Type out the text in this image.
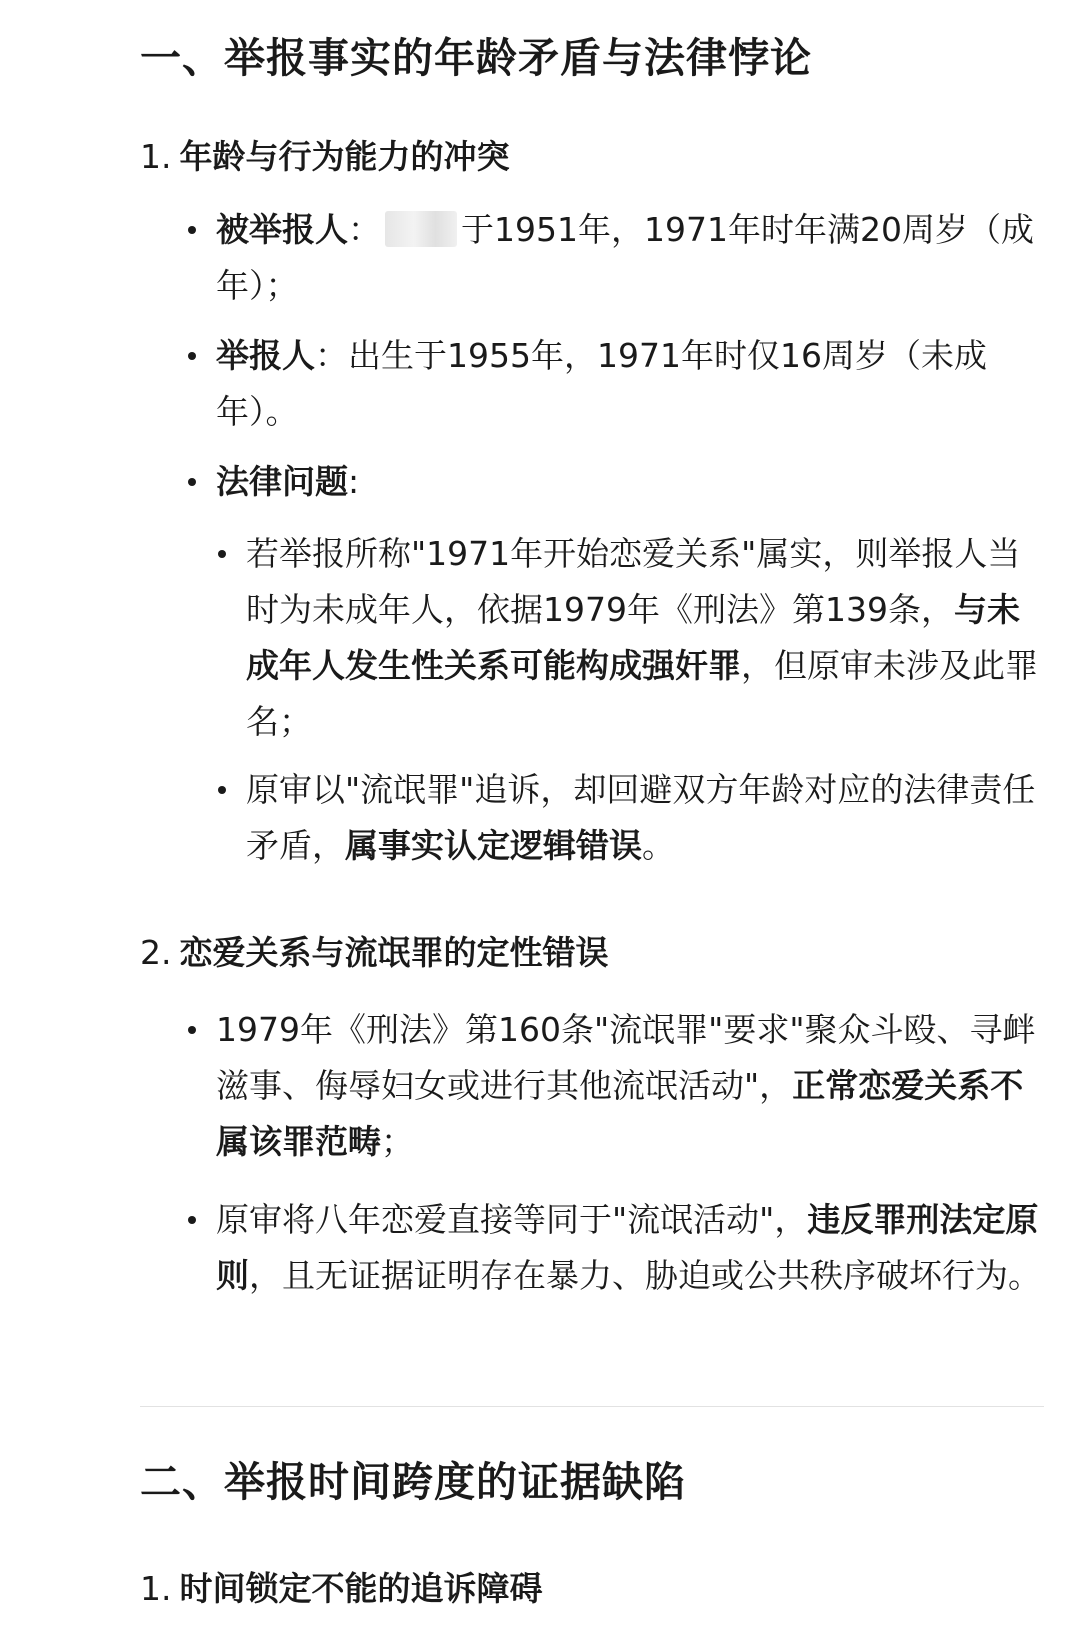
一、举报事实的年龄矛盾与法律悖论
1. 年龄与行为能力的冲突
被举报人： 于1951年，1971年时年满20周岁（成年）；
举报人：出生于1955年，1971年时仅16周岁（未成年）。
法律问题:
若举报所称"1971年开始恋爱关系"属实，则举报人当时为未成年人，依据1979年《刑法》第139条，与未成年人发生性关系可能构成强奸罪，但原审未涉及此罪名；
原审以"流氓罪"追诉，却回避双方年龄对应的法律责任矛盾，属事实认定逻辑错误。
2. 恋爱关系与流氓罪的定性错误
1979年《刑法》第160条"流氓罪"要求"聚众斗殴、寻衅滋事、侮辱妇女或进行其他流氓活动"，正常恋爱关系不属该罪范畴；
原审将八年恋爱直接等同于"流氓活动"，违反罪刑法定原则，且无证据证明存在暴力、胁迫或公共秩序破坏行为。
二、举报时间跨度的证据缺陷
1. 时间锁定不能的追诉障碍
